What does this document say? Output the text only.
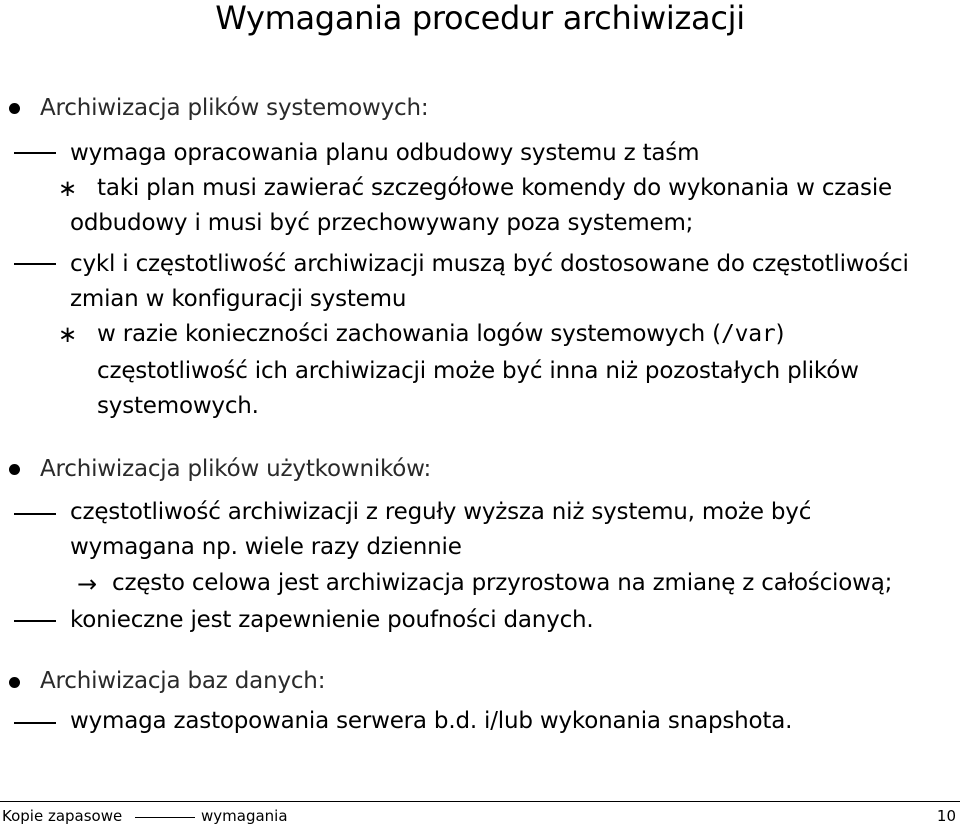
Wymagania procedur archiwizacji
Archiwizacja plików systemowych:
wymaga opracowania planu odbudowy systemu z taśm
∗ taki plan musi zawierać szczegółowe komendy do wykonania w czasie
odbudowy i musi być przechowywany poza systemem;
cykl i częstotliwość archiwizacji muszą być dostosowane do częstotliwości
zmian w konfiguracji systemu
∗ w razie konieczności zachowania logów systemowych (/var)
częstotliwość ich archiwizacji może być inna niż pozostałych plików
systemowych.
Archiwizacja plików użytkowników:
częstotliwość archiwizacji z reguły wyższa niż systemu, może być
wymagana np. wiele razy dziennie
→ często celowa jest archiwizacja przyrostowa na zmianę z całościową;
konieczne jest zapewnienie poufności danych.
Archiwizacja baz danych:
wymaga zastopowania serwera b.d. i/lub wykonania snapshota.
Kopie zapasowe	wymagania	10
